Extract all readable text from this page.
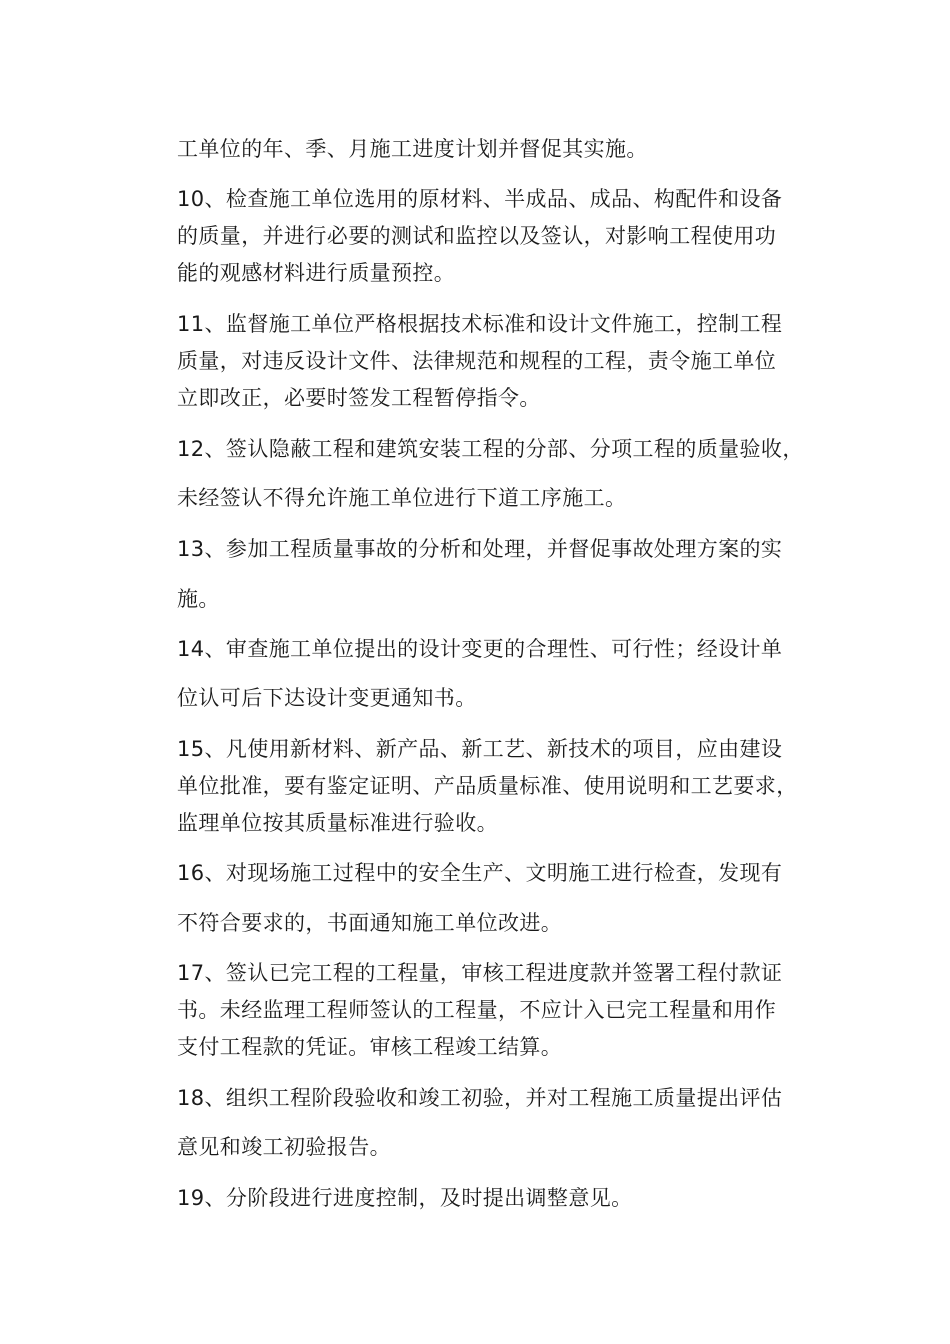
工单位的年、季、月施工进度计划并督促其实施。
10、检查施工单位选用的原材料、半成品、成品、构配件和设备
的质量，并进行必要的测试和监控以及签认，对影响工程使用功
能的观感材料进行质量预控。
11、监督施工单位严格根据技术标准和设计文件施工，控制工程
质量，对违反设计文件、法律规范和规程的工程，责令施工单位
立即改正，必要时签发工程暂停指令。
12、签认隐蔽工程和建筑安装工程的分部、分项工程的质量验收，
未经签认不得允许施工单位进行下道工序施工。
13、参加工程质量事故的分析和处理，并督促事故处理方案的实
施。
14、审查施工单位提出的设计变更的合理性、可行性；经设计单
位认可后下达设计变更通知书。
15、凡使用新材料、新产品、新工艺、新技术的项目，应由建设
单位批准，要有鉴定证明、产品质量标准、使用说明和工艺要求，
监理单位按其质量标准进行验收。
16、对现场施工过程中的安全生产、文明施工进行检查，发现有
不符合要求的，书面通知施工单位改进。
17、签认已完工程的工程量，审核工程进度款并签署工程付款证
书。未经监理工程师签认的工程量，不应计入已完工程量和用作
支付工程款的凭证。审核工程竣工结算。
18、组织工程阶段验收和竣工初验，并对工程施工质量提出评估
意见和竣工初验报告。
19、分阶段进行进度控制，及时提出调整意见。
